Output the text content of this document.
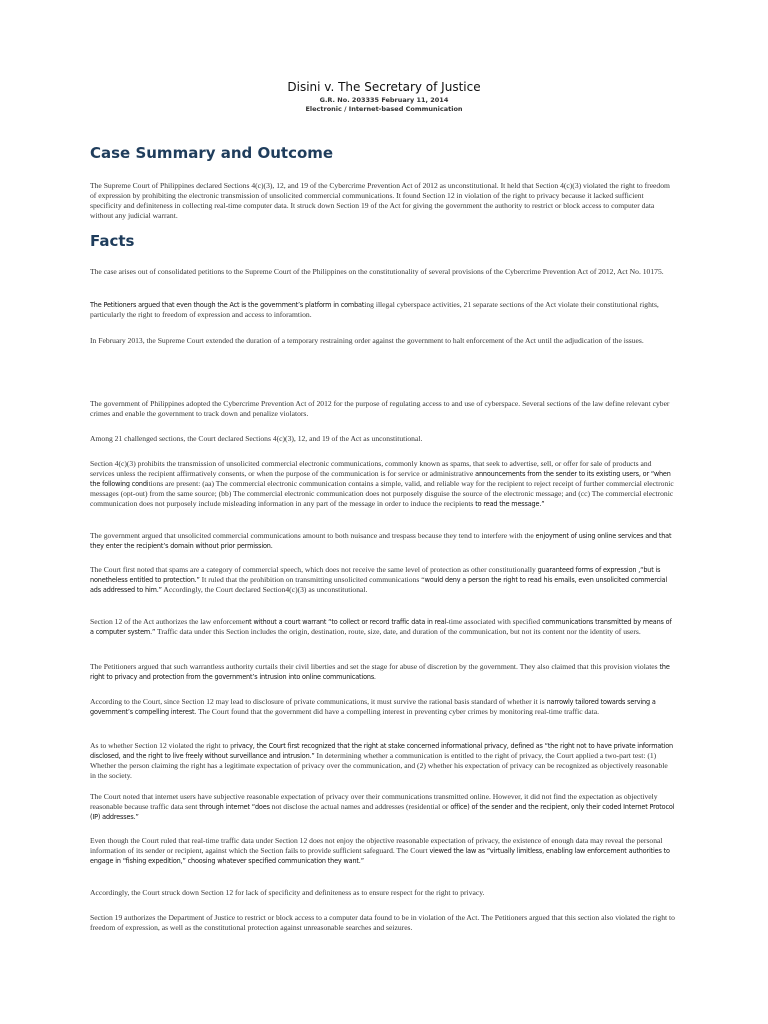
Disini v. The Secretary of Justice
G.R. No. 203335 February 11, 2014
Electronic / Internet-based Communication
Case Summary and Outcome

The Supreme Court of Philippines declared Sections 4(c)(3), 12, and 19 of the Cybercrime Prevention Act of 2012 as unconstitutional. It held that Section 4(c)(3) violated the right to freedom of expression by prohibiting the electronic transmission of unsolicited commercial communications. It found Section 12 in violation of the right to privacy because it lacked sufficient specificity and definiteness in collecting real-time computer data. It struck down Section 19 of the Act for giving the government the authority to restrict or block access to computer data without any judicial warrant.

Facts

The case arises out of consolidated petitions to the Supreme Court of the Philippines on the constitutionality of several provisions of the Cybercrime Prevention Act of 2012, Act No. 10175.

The Petitioners argued that even though the Act is the government’s platform in combating illegal cyberspace activities, 21 separate sections of the Act violate their constitutional rights, particularly the right to freedom of expression and access to inforamtion.

In February 2013, the Supreme Court extended the duration of a temporary restraining order against the government to halt enforcement of the Act until the adjudication of the issues.

The government of Philippines adopted the Cybercrime Prevention Act of 2012 for the purpose of regulating access to and use of cyberspace. Several sections of the law define relevant cyber crimes and enable the government to track down and penalize violators.

Among 21 challenged sections, the Court declared Sections 4(c)(3), 12, and 19 of the Act as unconstitutional.

Section 4(c)(3) prohibits the transmission of unsolicited commercial electronic communications, commonly known as spams, that seek to advertise, sell, or offer for sale of products and services unless the recipient affirmatively consents, or when the purpose of the communication is for service or administrative announcements from the sender to its existing users, or “when the following conditions are present: (aa) The commercial electronic communication contains a simple, valid, and reliable way for the recipient to reject receipt of further commercial electronic messages (opt-out) from the same source; (bb) The commercial electronic communication does not purposely disguise the source of the electronic message; and (cc) The commercial electronic communication does not purposely include misleading information in any part of the message in order to induce the recipients to read the message.”

The government argued that unsolicited commercial communications amount to both nuisance and trespass because they tend to interfere with the enjoyment of using online services and that they enter the recipient’s domain without prior permission.

The Court first noted that spams are a category of commercial speech, which does not receive the same level of protection as other constitutionally guaranteed forms of expression ,“but is nonetheless entitled to protection.” It ruled that the prohibition on transmitting unsolicited communications “would deny a person the right to read his emails, even unsolicited commercial ads addressed to him.” Accordingly, the Court declared Section4(c)(3) as unconstitutional.

Section 12 of the Act authorizes the law enforcement without a court warrant “to collect or record traffic data in real-time associated with specified communications transmitted by means of a computer system.” Traffic data under this Section includes the origin, destination, route, size, date, and duration of the communication, but not its content nor the identity of users.

The Petitioners argued that such warrantless authority curtails their civil liberties and set the stage for abuse of discretion by the government. They also claimed that this provision violates the right to privacy and protection from the government’s intrusion into online communications.

According to the Court, since Section 12 may lead to disclosure of private communications, it must survive the rational basis standard of whether it is narrowly tailored towards serving a government’s compelling interest. The Court found that the government did have a compelling interest in preventing cyber crimes by monitoring real-time traffic data.

As to whether Section 12 violated the right to privacy, the Court first recognized that the right at stake concerned informational privacy, defined as “the right not to have private information disclosed, and the right to live freely without surveillance and intrusion.” In determining whether a communication is entitled to the right of privacy, the Court applied a two-part test: (1) Whether the person claiming the right has a legitimate expectation of privacy over the communication, and (2) whether his expectation of privacy can be recognized as objectively reasonable in the society.

The Court noted that internet users have subjective reasonable expectation of privacy over their communications transmitted online. However, it did not find the expectation as objectively reasonable because traffic data sent through internet “does not disclose the actual names and addresses (residential or office) of the sender and the recipient, only their coded Internet Protocol (IP) addresses.”

Even though the Court ruled that real-time traffic data under Section 12 does not enjoy the objective reasonable expectation of privacy, the existence of enough data may reveal the personal information of its sender or recipient, against which the Section fails to provide sufficient safeguard. The Court viewed the law as “virtually limitless, enabling law enforcement authorities to engage in “fishing expedition,” choosing whatever specified communication they want.”

Accordingly, the Court struck down Section 12 for lack of specificity and definiteness as to ensure respect for the right to privacy.

Section 19 authorizes the Department of Justice to restrict or block access to a computer data found to be in violation of the Act. The Petitioners argued that this section also violated the right to freedom of expression, as well as the constitutional protection against unreasonable searches and seizures.
